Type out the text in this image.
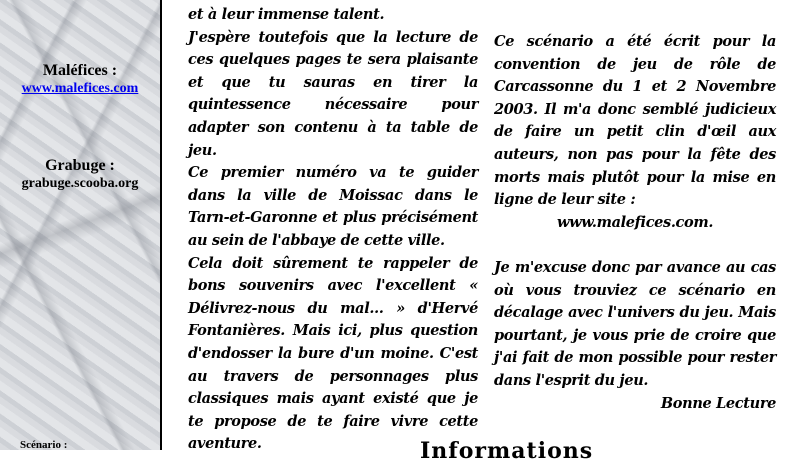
Maléfices :
www.malefices.com
Grabuge :
grabuge.scooba.org
Scénario :

et à leur immense talent.

J'espère toutefois que la lecture de ces quelques pages te sera plaisante et que tu sauras en tirer la quintessence nécessaire pour adapter son contenu à ta table de jeu.

Ce premier numéro va te guider dans la ville de Moissac dans le Tarn-et-Garonne et plus précisément au sein de l'abbaye de cette ville.

Cela doit sûrement te rappeler de bons souvenirs avec l'excellent « Délivrez-nous du mal… » d'Hervé Fontanières. Mais ici, plus question d'endosser la bure d'un moine. C'est au travers de personnages plus classiques mais ayant existé que je te propose de te faire vivre cette aventure.

Ce scénario a été écrit pour la convention de jeu de rôle de Carcassonne du 1 et 2 Novembre 2003. Il m'a donc semblé judicieux de faire un petit clin d'œil aux auteurs, non pas pour la fête des morts mais plutôt pour la mise en ligne de leur site :

www.malefices.com.

Je m'excuse donc par avance au cas où vous trouviez ce scénario en décalage avec l'univers du jeu. Mais pourtant, je vous prie de croire que j'ai fait de mon possible pour rester dans l'esprit du jeu.

Bonne Lecture

Informations
